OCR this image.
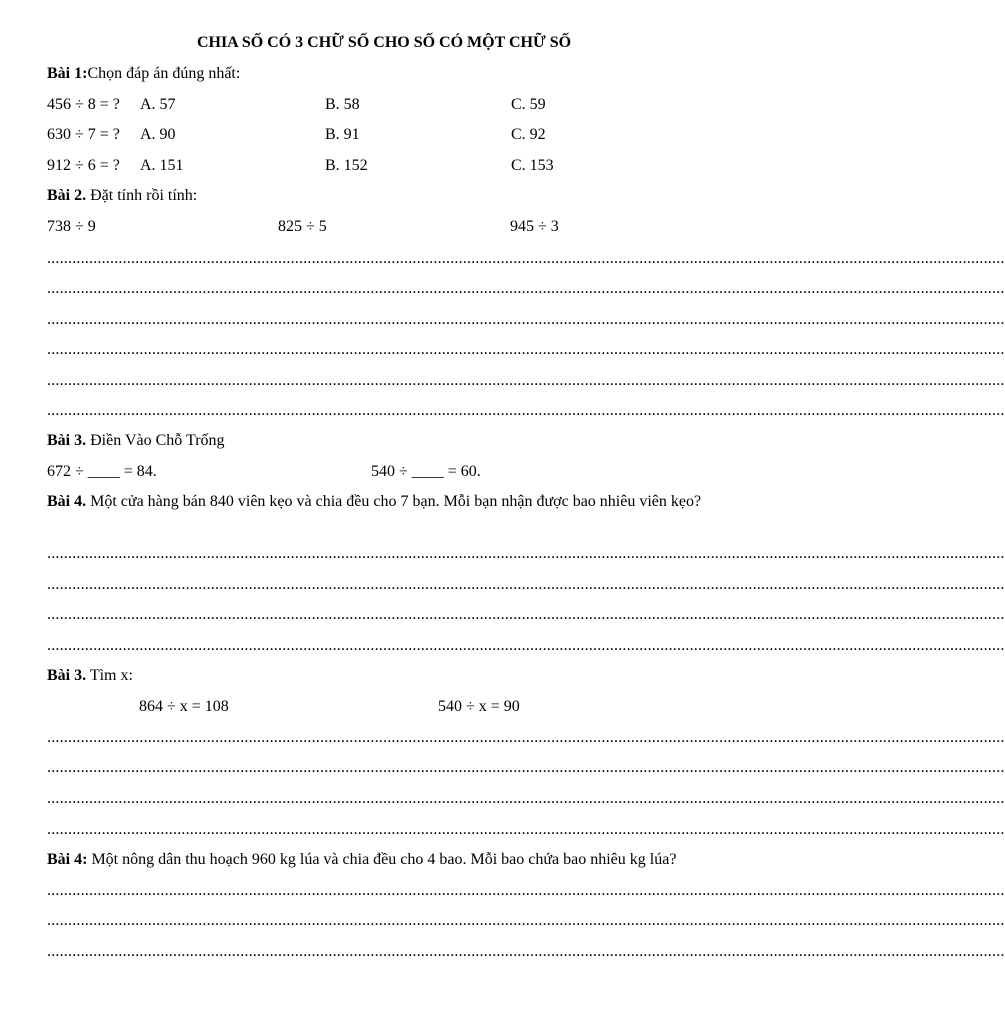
CHIA SỐ CÓ 3 CHỮ SỐ CHO SỐ CÓ MỘT CHỮ SỐ
Bài 1:Chọn đáp án đúng nhất:
456 ÷ 8 = ? A. 57	B. 58	C. 59
630 ÷ 7 = ? A. 90	B. 91	C. 92
912 ÷ 6 = ? A. 151	B. 152	C. 153
Bài 2. Đặt tính rồi tính:
738 ÷ 9	825 ÷ 5	945 ÷ 3
....................................................................................................................................................................................................................................
....................................................................................................................................................................................................................................
....................................................................................................................................................................................................................................
....................................................................................................................................................................................................................................
....................................................................................................................................................................................................................................
....................................................................................................................................................................................................................................
Bài 3. Điền Vào Chỗ Trống
672 ÷ ____ = 84.	540 ÷ ____ = 60.
Bài 4. Một cửa hàng bán 840 viên kẹo và chia đều cho 7 bạn. Mỗi bạn nhận được bao nhiêu viên kẹo?
....................................................................................................................................................................................................................................
....................................................................................................................................................................................................................................
....................................................................................................................................................................................................................................
....................................................................................................................................................................................................................................
Bài 3. Tìm x:
864 ÷ x = 108	540 ÷ x = 90
....................................................................................................................................................................................................................................
....................................................................................................................................................................................................................................
....................................................................................................................................................................................................................................
....................................................................................................................................................................................................................................
Bài 4: Một nông dân thu hoạch 960 kg lúa và chia đều cho 4 bao. Mỗi bao chứa bao nhiêu kg lúa?
....................................................................................................................................................................................................................................
....................................................................................................................................................................................................................................
....................................................................................................................................................................................................................................
